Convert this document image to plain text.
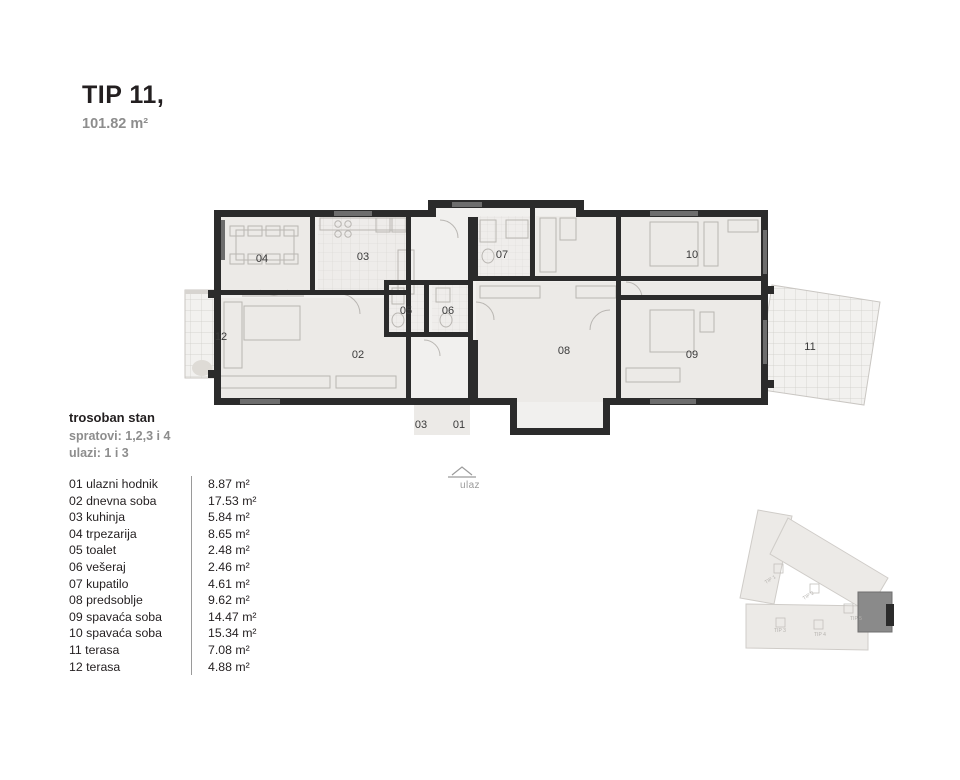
TIP 11,
101.82 m²
04	03
02
05	06
07
08	09
10
11
12
03 01
ulaz
trosoban stan
spratovi: 1,2,3 i 4
ulazi: 1 i 3
01 ulazni hodnik	8.87 m²
02 dnevna soba	17.53 m²
03 kuhinja	5.84 m²
04 trpezarija	8.65 m²
05 toalet	2.48 m²
06 vešeraj	2.46 m²
07 kupatilo	4.61 m²
08 predsoblje	9.62 m²
09 spavaća soba	14.47 m²
10 spavaća soba	15.34 m²
11 terasa	7.08 m²
12 terasa	4.88 m²
TIP 1
TIP 2
TIP 3
TIP 4
TIP 5
